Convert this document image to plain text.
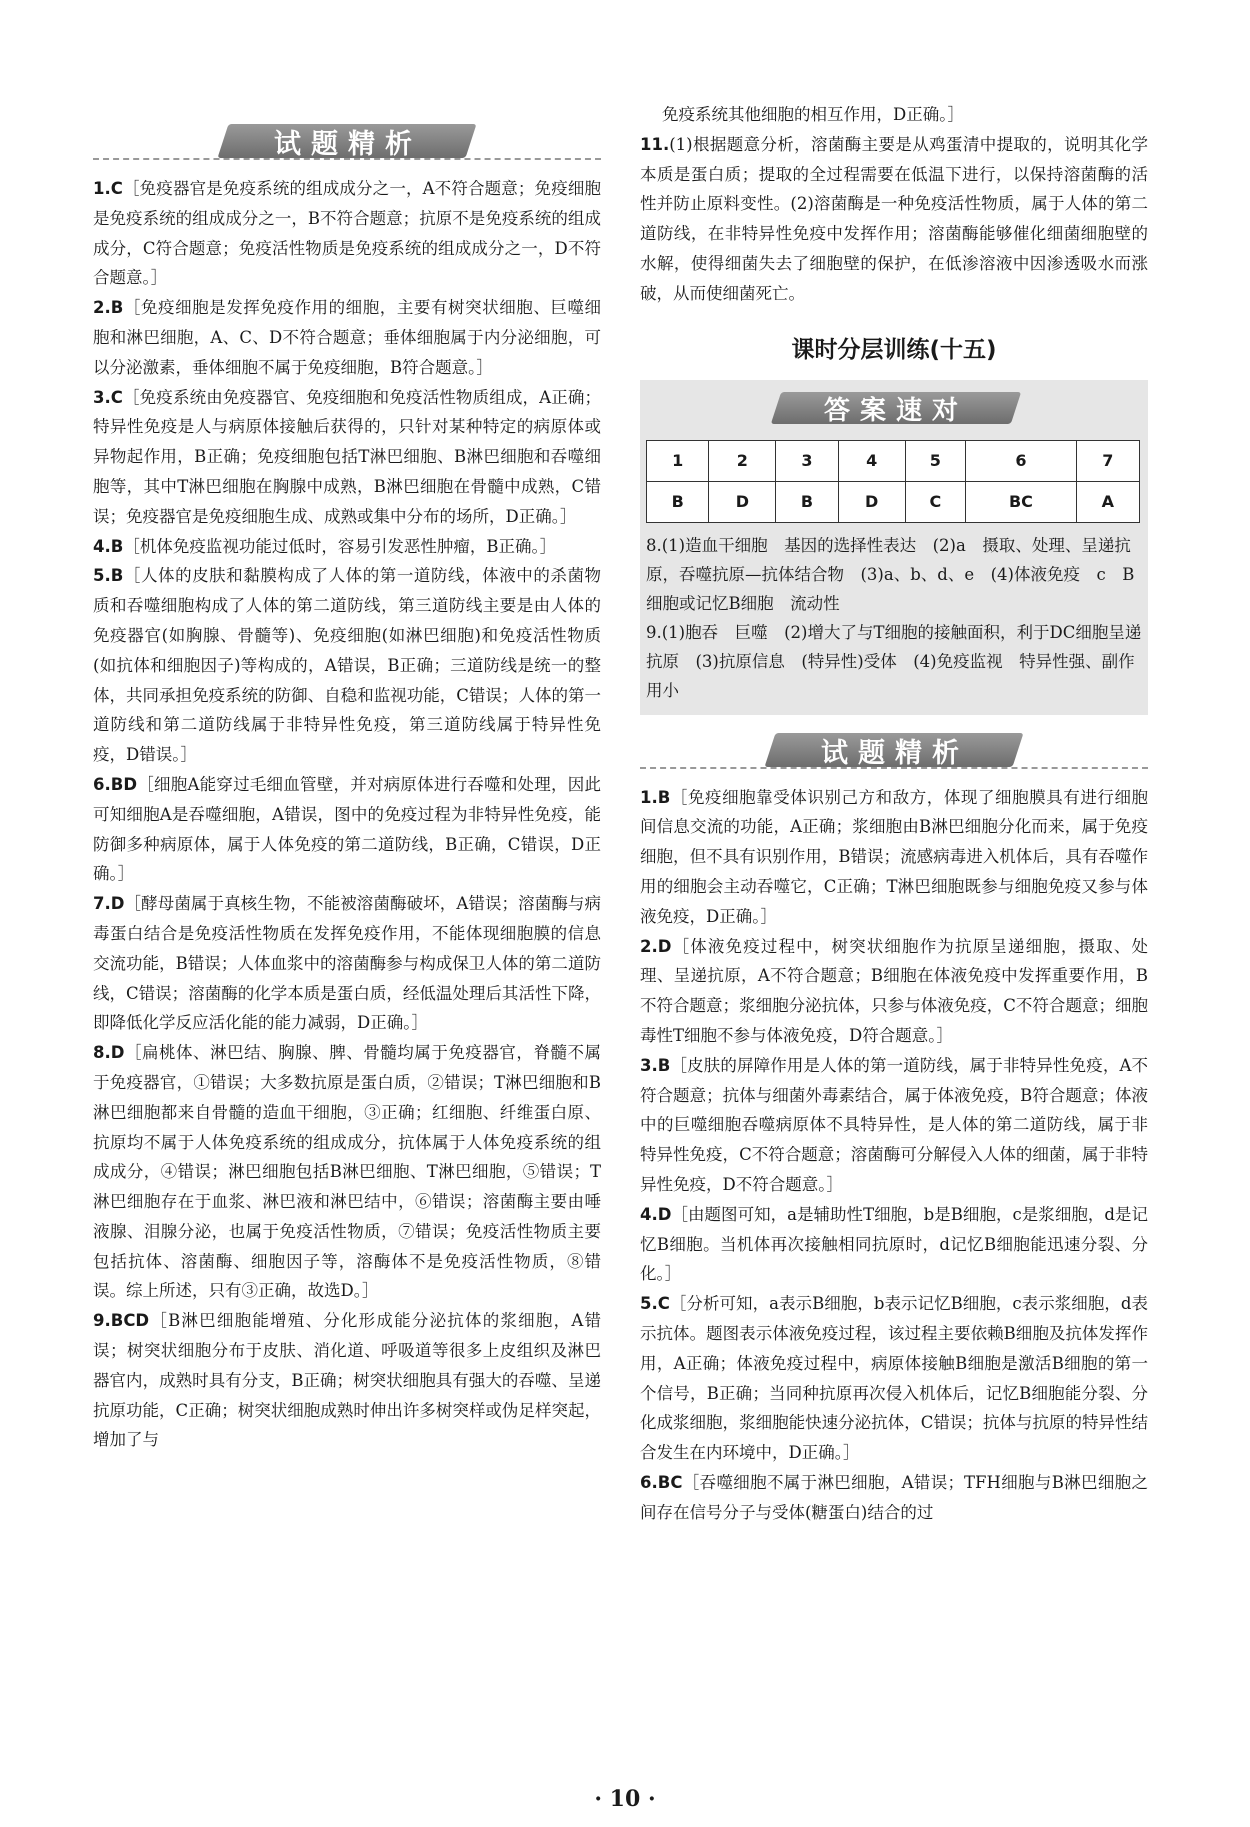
试题精析

1.C［免疫器官是免疫系统的组成成分之一，A不符合题意；免疫细胞是免疫系统的组成成分之一，B不符合题意；抗原不是免疫系统的组成成分，C符合题意；免疫活性物质是免疫系统的组成成分之一，D不符合题意。］

2.B［免疫细胞是发挥免疫作用的细胞，主要有树突状细胞、巨噬细胞和淋巴细胞，A、C、D不符合题意；垂体细胞属于内分泌细胞，可以分泌激素，垂体细胞不属于免疫细胞，B符合题意。］

3.C［免疫系统由免疫器官、免疫细胞和免疫活性物质组成，A正确；特异性免疫是人与病原体接触后获得的，只针对某种特定的病原体或异物起作用，B正确；免疫细胞包括T淋巴细胞、B淋巴细胞和吞噬细胞等，其中T淋巴细胞在胸腺中成熟，B淋巴细胞在骨髓中成熟，C错误；免疫器官是免疫细胞生成、成熟或集中分布的场所，D正确。］

4.B［机体免疫监视功能过低时，容易引发恶性肿瘤，B正确。］

5.B［人体的皮肤和黏膜构成了人体的第一道防线，体液中的杀菌物质和吞噬细胞构成了人体的第二道防线，第三道防线主要是由人体的免疫器官(如胸腺、骨髓等)、免疫细胞(如淋巴细胞)和免疫活性物质(如抗体和细胞因子)等构成的，A错误，B正确；三道防线是统一的整体，共同承担免疫系统的防御、自稳和监视功能，C错误；人体的第一道防线和第二道防线属于非特异性免疫，第三道防线属于特异性免疫，D错误。］

6.BD［细胞A能穿过毛细血管壁，并对病原体进行吞噬和处理，因此可知细胞A是吞噬细胞，A错误，图中的免疫过程为非特异性免疫，能防御多种病原体，属于人体免疫的第二道防线，B正确，C错误，D正确。］

7.D［酵母菌属于真核生物，不能被溶菌酶破坏，A错误；溶菌酶与病毒蛋白结合是免疫活性物质在发挥免疫作用，不能体现细胞膜的信息交流功能，B错误；人体血浆中的溶菌酶参与构成保卫人体的第二道防线，C错误；溶菌酶的化学本质是蛋白质，经低温处理后其活性下降，即降低化学反应活化能的能力减弱，D正确。］

8.D［扁桃体、淋巴结、胸腺、脾、骨髓均属于免疫器官，脊髓不属于免疫器官，①错误；大多数抗原是蛋白质，②错误；T淋巴细胞和B淋巴细胞都来自骨髓的造血干细胞，③正确；红细胞、纤维蛋白原、抗原均不属于人体免疫系统的组成成分，抗体属于人体免疫系统的组成成分，④错误；淋巴细胞包括B淋巴细胞、T淋巴细胞，⑤错误；T淋巴细胞存在于血浆、淋巴液和淋巴结中，⑥错误；溶菌酶主要由唾液腺、泪腺分泌，也属于免疫活性物质，⑦错误；免疫活性物质主要包括抗体、溶菌酶、细胞因子等，溶酶体不是免疫活性物质，⑧错误。综上所述，只有③正确，故选D。］

9.BCD［B淋巴细胞能增殖、分化形成能分泌抗体的浆细胞，A错误；树突状细胞分布于皮肤、消化道、呼吸道等很多上皮组织及淋巴器官内，成熟时具有分支，B正确；树突状细胞具有强大的吞噬、呈递抗原功能，C正确；树突状细胞成熟时伸出许多树突样或伪足样突起，增加了与

免疫系统其他细胞的相互作用，D正确。］

11.(1)根据题意分析，溶菌酶主要是从鸡蛋清中提取的，说明其化学本质是蛋白质；提取的全过程需要在低温下进行，以保持溶菌酶的活性并防止原料变性。(2)溶菌酶是一种免疫活性物质，属于人体的第二道防线，在非特异性免疫中发挥作用；溶菌酶能够催化细菌细胞壁的水解，使得细菌失去了细胞壁的保护，在低渗溶液中因渗透吸水而涨破，从而使细菌死亡。

课时分层训练(十五)
答案速对
1	2	3	4	5	6	7
B	D	B	D	C	BC	A

8.(1)造血干细胞　基因的选择性表达　(2)a　摄取、处理、呈递抗原，吞噬抗原—抗体结合物　(3)a、b、d、e　(4)体液免疫　c　B细胞或记忆B细胞　流动性

9.(1)胞吞　巨噬　(2)增大了与T细胞的接触面积，利于DC细胞呈递抗原　(3)抗原信息　(特异性)受体　(4)免疫监视　特异性强、副作用小

试题精析

1.B［免疫细胞靠受体识别己方和敌方，体现了细胞膜具有进行细胞间信息交流的功能，A正确；浆细胞由B淋巴细胞分化而来，属于免疫细胞，但不具有识别作用，B错误；流感病毒进入机体后，具有吞噬作用的细胞会主动吞噬它，C正确；T淋巴细胞既参与细胞免疫又参与体液免疫，D正确。］

2.D［体液免疫过程中，树突状细胞作为抗原呈递细胞，摄取、处理、呈递抗原，A不符合题意；B细胞在体液免疫中发挥重要作用，B不符合题意；浆细胞分泌抗体，只参与体液免疫，C不符合题意；细胞毒性T细胞不参与体液免疫，D符合题意。］

3.B［皮肤的屏障作用是人体的第一道防线，属于非特异性免疫，A不符合题意；抗体与细菌外毒素结合，属于体液免疫，B符合题意；体液中的巨噬细胞吞噬病原体不具特异性，是人体的第二道防线，属于非特异性免疫，C不符合题意；溶菌酶可分解侵入人体的细菌，属于非特异性免疫，D不符合题意。］

4.D［由题图可知，a是辅助性T细胞，b是B细胞，c是浆细胞，d是记忆B细胞。当机体再次接触相同抗原时，d记忆B细胞能迅速分裂、分化。］

5.C［分析可知，a表示B细胞，b表示记忆B细胞，c表示浆细胞，d表示抗体。题图表示体液免疫过程，该过程主要依赖B细胞及抗体发挥作用，A正确；体液免疫过程中，病原体接触B细胞是激活B细胞的第一个信号，B正确；当同种抗原再次侵入机体后，记忆B细胞能分裂、分化成浆细胞，浆细胞能快速分泌抗体，C错误；抗体与抗原的特异性结合发生在内环境中，D正确。］

6.BC［吞噬细胞不属于淋巴细胞，A错误；TFH细胞与B淋巴细胞之间存在信号分子与受体(糖蛋白)结合的过

· 10 ·
